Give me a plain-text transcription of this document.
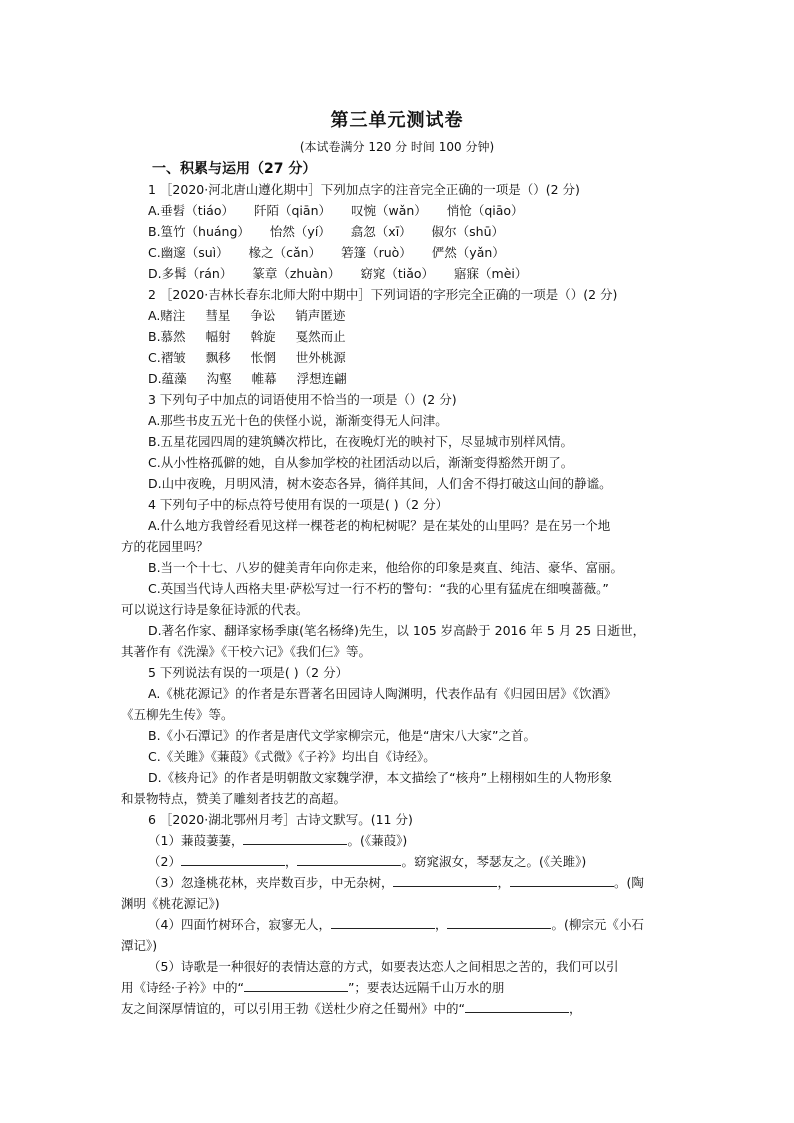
第三单元测试卷
(本试卷满分 120 分 时间 100 分钟)
一、积累与运用（27 分）
1 ［2020·河北唐山遵化期中］下列加点字的注音完全正确的一项是（）(2 分)
A.垂髫（tiáo） 阡陌（qiān） 叹惋（wǎn） 悄怆（qiāo）
B.篁竹（huáng） 怡然（yí） 翕忽（xī） 俶尔（shū）
C.幽邃（suì） 椽之（cǎn） 箬篷（ruò） 俨然（yǎn）
D.多髯（rán） 篆章（zhuàn） 窈窕（tiǎo） 寤寐（mèi）
2 ［2020·吉林长春东北师大附中期中］下列词语的字形完全正确的一项是（）(2 分)
A.赌注 彗星 争讼 销声匿迹
B.慕然 幅射 斡旋 戛然而止
C.褶皱 飘移 怅惘 世外桃源
D.蕴藻 沟壑 帷幕 浮想连翩
3 下列句子中加点的词语使用不恰当的一项是（）(2 分)
A.那些书皮五光十色的侠怪小说，渐渐变得无人问津。
B.五星花园四周的建筑鳞次栉比，在夜晚灯光的映衬下，尽显城市别样风情。
C.从小性格孤僻的她，自从参加学校的社团活动以后，渐渐变得豁然开朗了。
D.山中夜晚，月明风清，树木姿态各异，徜徉其间，人们舍不得打破这山间的静谧。
4 下列句子中的标点符号使用有误的一项是( )（2 分）
A.什么地方我曾经看见这样一棵苍老的枸杞树呢？是在某处的山里吗？是在另一个地
方的花园里吗？
B.当一个十七、八岁的健美青年向你走来，他给你的印象是爽直、纯洁、豪华、富丽。
C.英国当代诗人西格夫里·萨松写过一行不朽的警句：“我的心里有猛虎在细嗅蔷薇。”
可以说这行诗是象征诗派的代表。
D.著名作家、翻译家杨季康(笔名杨绛)先生，以 105 岁高龄于 2016 年 5 月 25 日逝世，
其著作有《洗澡》《干校六记》《我们仨》等。
5 下列说法有误的一项是( )（2 分）
A.《桃花源记》的作者是东晋著名田园诗人陶渊明，代表作品有《归园田居》《饮酒》
《五柳先生传》等。
B.《小石潭记》的作者是唐代文学家柳宗元，他是“唐宋八大家”之首。
C.《关雎》《蒹葭》《式微》《子衿》均出自《诗经》。
D.《核舟记》的作者是明朝散文家魏学洢，本文描绘了“核舟”上栩栩如生的人物形象
和景物特点，赞美了雕刻者技艺的高超。
6 ［2020·湖北鄂州月考］古诗文默写。(11 分)
（1）蒹葭萋萋，	。(《蒹葭》)
（2）	，	。窈窕淑女，琴瑟友之。(《关雎》)
（3）忽逢桃花林，夹岸数百步，中无杂树，	，	。(陶
渊明《桃花源记》)
（4）四面竹树环合，寂寥无人，	，	。(柳宗元《小石
潭记》)
（5）诗歌是一种很好的表情达意的方式，如要表达恋人之间相思之苦的，我们可以引
用《诗经·子衿》中的“	”；要表达远隔千山万水的朋
友之间深厚情谊的，可以引用王勃《送杜少府之任蜀州》中的“	，
